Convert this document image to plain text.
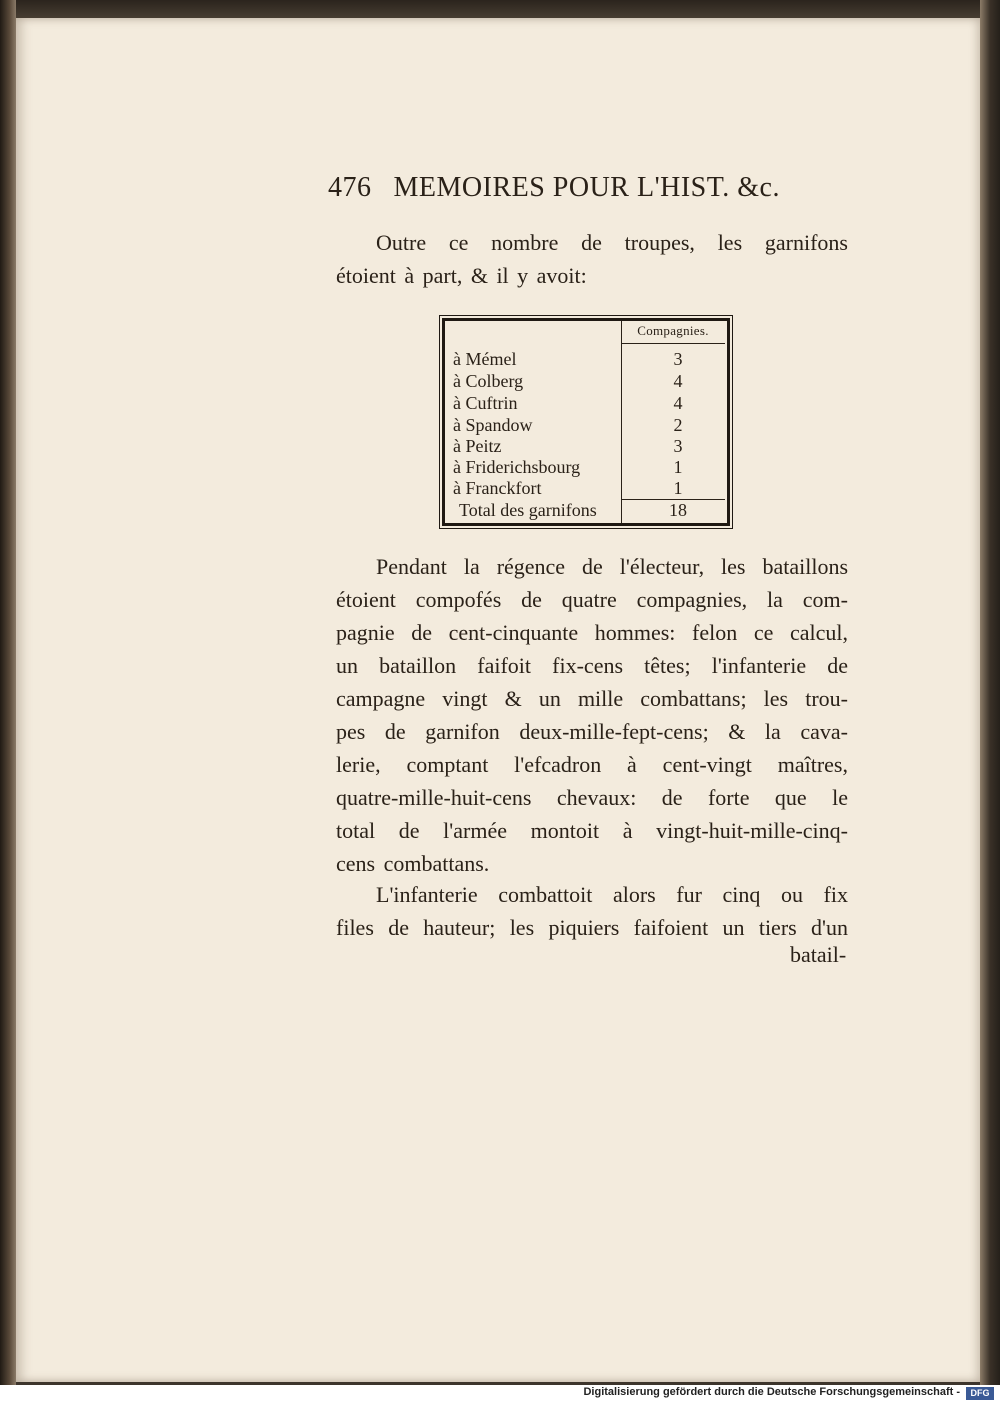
476 MEMOIRES POUR L'HIST. &c.
Outre ce nombre de troupes, les garnifons
étoient à part, & il y avoit:
Compagnies.
à Mémel	3
à Colberg	4
à Cuftrin	4
à Spandow	2
à Peitz	3
à Friderichsbourg	1
à Franckfort	1
Total des garnifons	18
Pendant la régence de l'électeur, les bataillons
étoient compofés de quatre compagnies, la com-
pagnie de cent-cinquante hommes: felon ce calcul,
un bataillon faifoit fix-cens têtes; l'infanterie de
campagne vingt & un mille combattans; les trou-
pes de garnifon deux-mille-fept-cens; & la cava-
lerie, comptant l'efcadron à cent-vingt maîtres,
quatre-mille-huit-cens chevaux: de forte que le
total de l'armée montoit à vingt-huit-mille-cinq-
cens combattans.
L'infanterie combattoit alors fur cinq ou fix
files de hauteur; les piquiers faifoient un tiers d'un
batail-
Digitalisierung gefördert durch die Deutsche Forschungsgemeinschaft -	DFG
